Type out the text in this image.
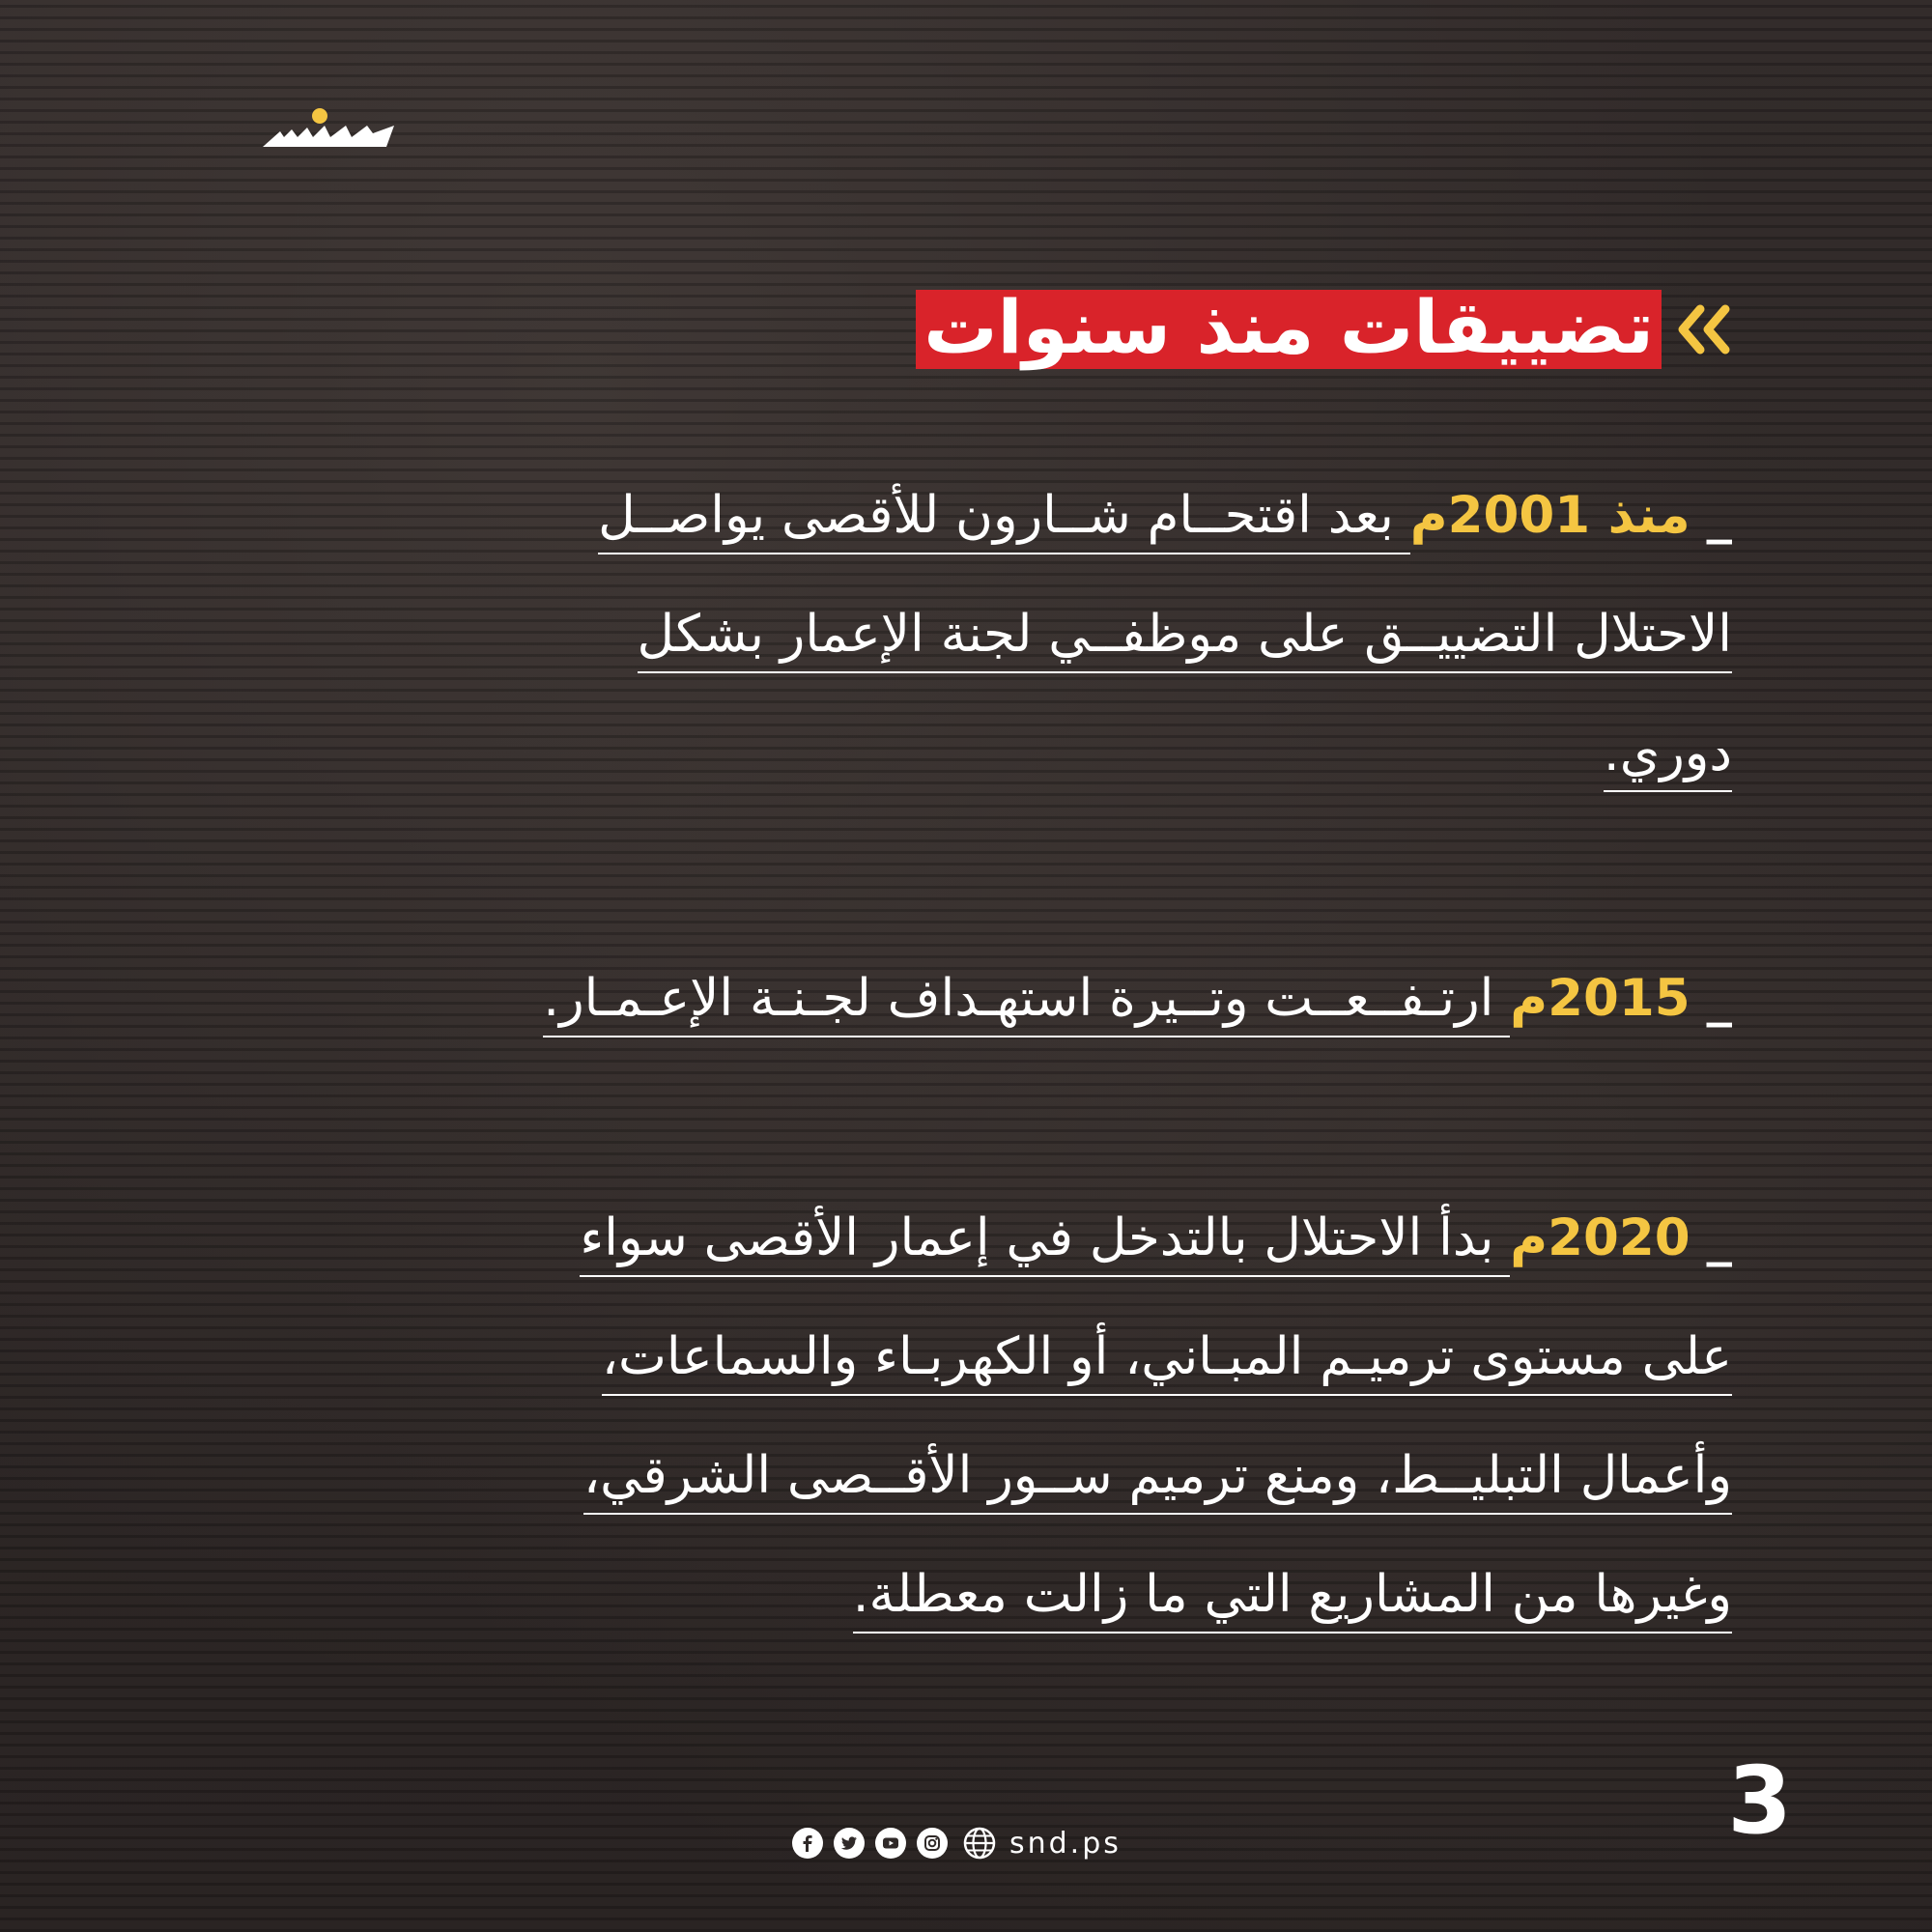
تضييقات منذ سنوات
_ منذ 2001م بعد اقتحــام شــارون للأقصى يواصــل
الاحتلال التضييــق على موظفــي لجنة الإعمار بشكل
دوري.
_ 2015م ارتـفــعــت وتــيرة استهـداف لجـنـة الإعـمـار.
_ 2020م بدأ الاحتلال بالتدخل في إعمار الأقصى سواء
على مستوى ترميـم المبـاني، أو الكهربـاء والسماعات،
وأعمال التبليــط، ومنع ترميم ســور الأقــصى الشرقي،
وغيرها من المشاريع التي ما زالت معطلة.
3
snd.ps
